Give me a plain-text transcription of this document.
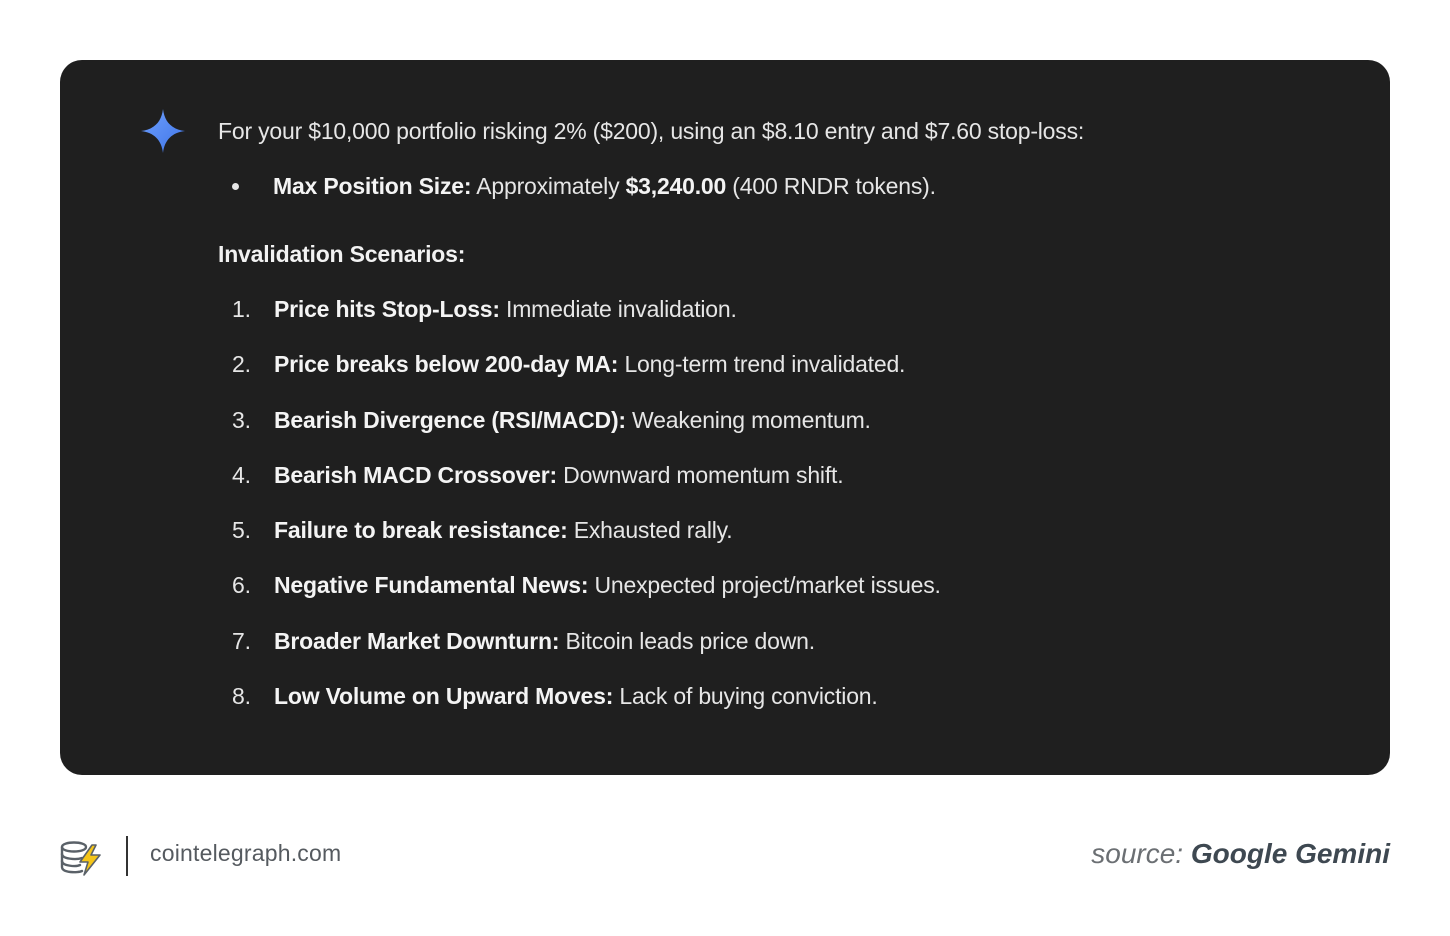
For your $10,000 portfolio risking 2% ($200), using an $8.10 entry and $7.60 stop-loss:

Max Position Size: Approximately $3,240.00 (400 RNDR tokens).
Invalidation Scenarios:
1. Price hits Stop-Loss: Immediate invalidation.
2. Price breaks below 200-day MA: Long-term trend invalidated.
3. Bearish Divergence (RSI/MACD): Weakening momentum.
4. Bearish MACD Crossover: Downward momentum shift.
5. Failure to break resistance: Exhausted rally.
6. Negative Fundamental News: Unexpected project/market issues.
7. Broader Market Downturn: Bitcoin leads price down.
8. Low Volume on Upward Moves: Lack of buying conviction.
cointelegraph.com	source: Google Gemini
